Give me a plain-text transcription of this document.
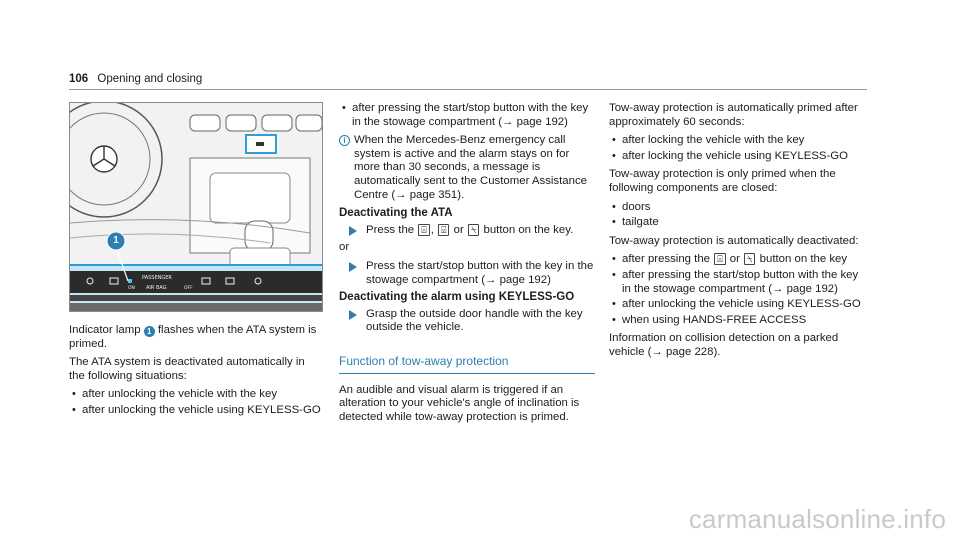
106 Opening and closing
PASSENGER
ON AIR BAG	OFF
1

Indicator lamp 1 flashes when the ATA system is primed.

The ATA system is deactivated automatically in the following situations:

• after unlocking the vehicle with the key
• after unlocking the vehicle using KEYLESS-GO
• after pressing the start/stop button with the key in the stowage compartment (→ page 192)
i When the Mercedes-Benz emergency call system is active and the alarm stays on for more than 30 seconds, a message is automatically sent to the Customer Assistance Centre (→ page 351).
Deactivating the ATA
Press the ⍓ , ⍌ or ⍀ button on the key.

or

Press the start/stop button with the key in the stowage compartment (→ page 192)
Deactivating the alarm using KEYLESS-GO
Grasp the outside door handle with the key outside the vehicle.
Function of tow-away protection

An audible and visual alarm is triggered if an alteration to your vehicle's angle of inclination is detected while tow-away protection is primed.

Tow-away protection is automatically primed after approximately 60 seconds:

• after locking the vehicle with the key
• after locking the vehicle using KEYLESS-GO

Tow-away protection is only primed when the following components are closed:

• doors
• tailgate

Tow-away protection is automatically deactivated:

• after pressing the ⍓ or ⍀ button on the key
• after pressing the start/stop button with the key in the stowage compartment (→ page 192)
• after unlocking the vehicle using KEYLESS-GO
• when using HANDS-FREE ACCESS

Information on collision detection on a parked vehicle (→ page 228).

carmanualsonline.info
